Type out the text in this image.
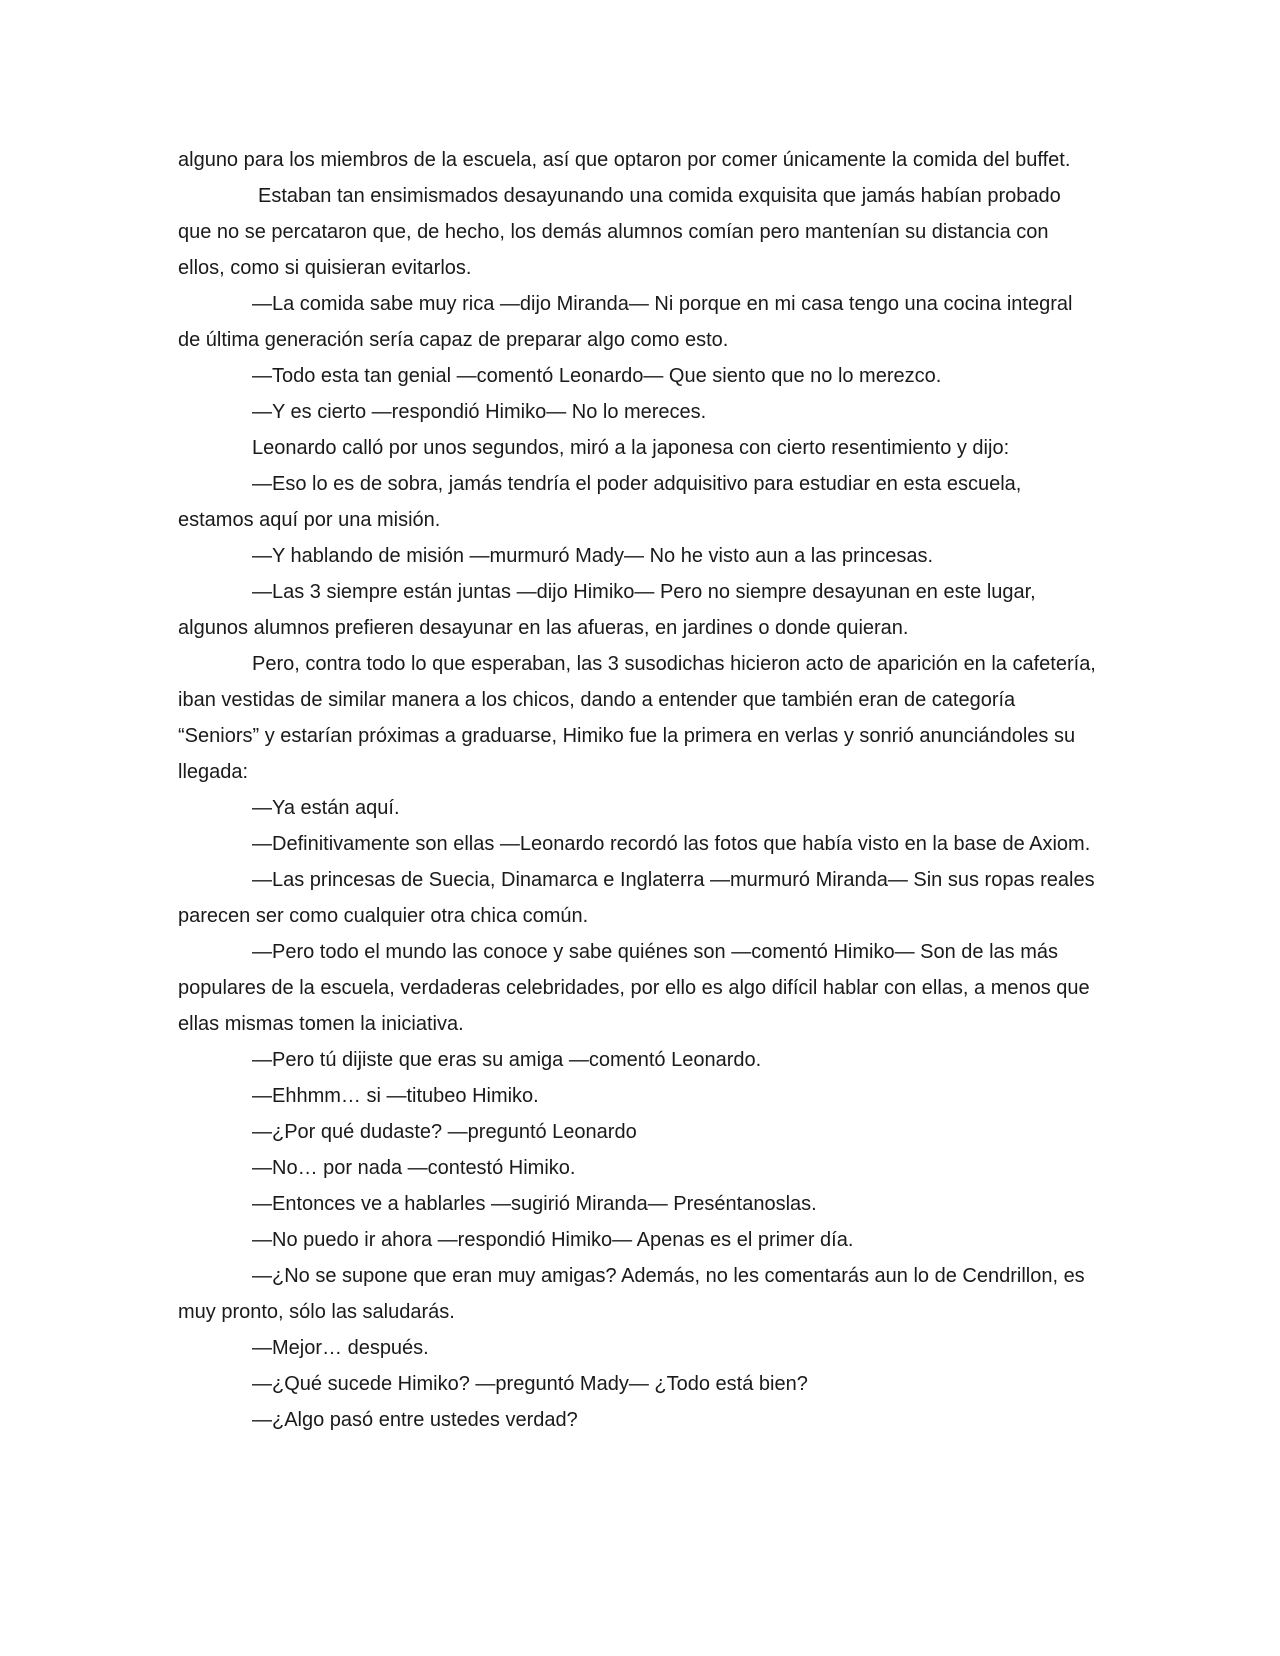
alguno para los miembros de la escuela, así que optaron por comer únicamente la comida del buffet.

Estaban tan ensimismados desayunando una comida exquisita que jamás habían probado que no se percataron que, de hecho, los demás alumnos comían pero mantenían su distancia con ellos, como si quisieran evitarlos.

—La comida sabe muy rica —dijo Miranda— Ni porque en mi casa tengo una cocina integral de última generación sería capaz de preparar algo como esto.

—Todo esta tan genial —comentó Leonardo— Que siento que no lo merezco.

—Y es cierto —respondió Himiko— No lo mereces.

Leonardo calló por unos segundos, miró a la japonesa con cierto resentimiento y dijo:

—Eso lo es de sobra, jamás tendría el poder adquisitivo para estudiar en esta escuela, estamos aquí por una misión.

—Y hablando de misión —murmuró Mady— No he visto aun a las princesas.

—Las 3 siempre están juntas —dijo Himiko— Pero no siempre desayunan en este lugar, algunos alumnos prefieren desayunar en las afueras, en jardines o donde quieran.

Pero, contra todo lo que esperaban, las 3 susodichas hicieron acto de aparición en la cafetería, iban vestidas de similar manera a los chicos, dando a entender que también eran de categoría “Seniors” y estarían próximas a graduarse, Himiko fue la primera en verlas y sonrió anunciándoles su llegada:

—Ya están aquí.

—Definitivamente son ellas —Leonardo recordó las fotos que había visto en la base de Axiom.

—Las princesas de Suecia, Dinamarca e Inglaterra —murmuró Miranda— Sin sus ropas reales parecen ser como cualquier otra chica común.

—Pero todo el mundo las conoce y sabe quiénes son —comentó Himiko— Son de las más populares de la escuela, verdaderas celebridades, por ello es algo difícil hablar con ellas, a menos que ellas mismas tomen la iniciativa.

—Pero tú dijiste que eras su amiga —comentó Leonardo.

—Ehhmm… si —titubeo Himiko.

—¿Por qué dudaste? —preguntó Leonardo

—No… por nada —contestó Himiko.

—Entonces ve a hablarles —sugirió Miranda— Preséntanoslas.

—No puedo ir ahora —respondió Himiko— Apenas es el primer día.

—¿No se supone que eran muy amigas? Además, no les comentarás aun lo de Cendrillon, es muy pronto, sólo las saludarás.

—Mejor… después.

—¿Qué sucede Himiko? —preguntó Mady— ¿Todo está bien?

—¿Algo pasó entre ustedes verdad?
